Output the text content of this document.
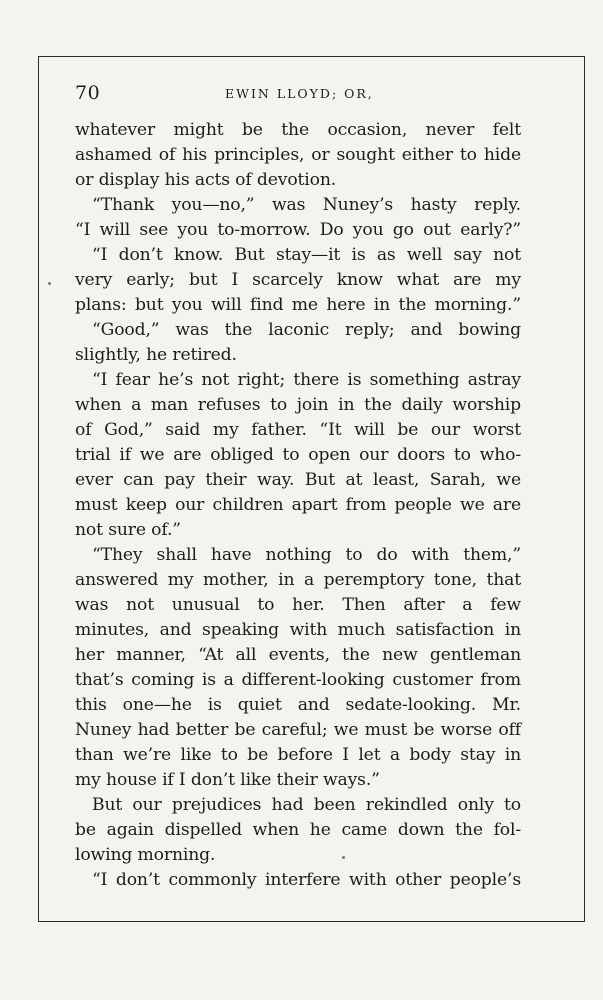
70	EWIN LLOYD; OR,
whatever might be the occasion, never felt
ashamed of his principles, or sought either to hide
or display his acts of devotion.
“Thank you—no,” was Nuney’s hasty reply.
“I will see you to-morrow. Do you go out early?”
“I don’t know. But stay—it is as well say not
very early; but I scarcely know what are my
plans: but you will find me here in the morning.”
“Good,” was the laconic reply; and bowing
slightly, he retired.
“I fear he’s not right; there is something astray
when a man refuses to join in the daily worship
of God,” said my father. “It will be our worst
trial if we are obliged to open our doors to who-
ever can pay their way. But at least, Sarah, we
must keep our children apart from people we are
not sure of.”
“They shall have nothing to do with them,”
answered my mother, in a peremptory tone, that
was not unusual to her. Then after a few
minutes, and speaking with much satisfaction in
her manner, “At all events, the new gentleman
that’s coming is a different-looking customer from
this one—he is quiet and sedate-looking. Mr.
Nuney had better be careful; we must be worse off
than we’re like to be before I let a body stay in
my house if I don’t like their ways.”
But our prejudices had been rekindled only to
be again dispelled when he came down the fol-
lowing morning.
“I don’t commonly interfere with other people’s
